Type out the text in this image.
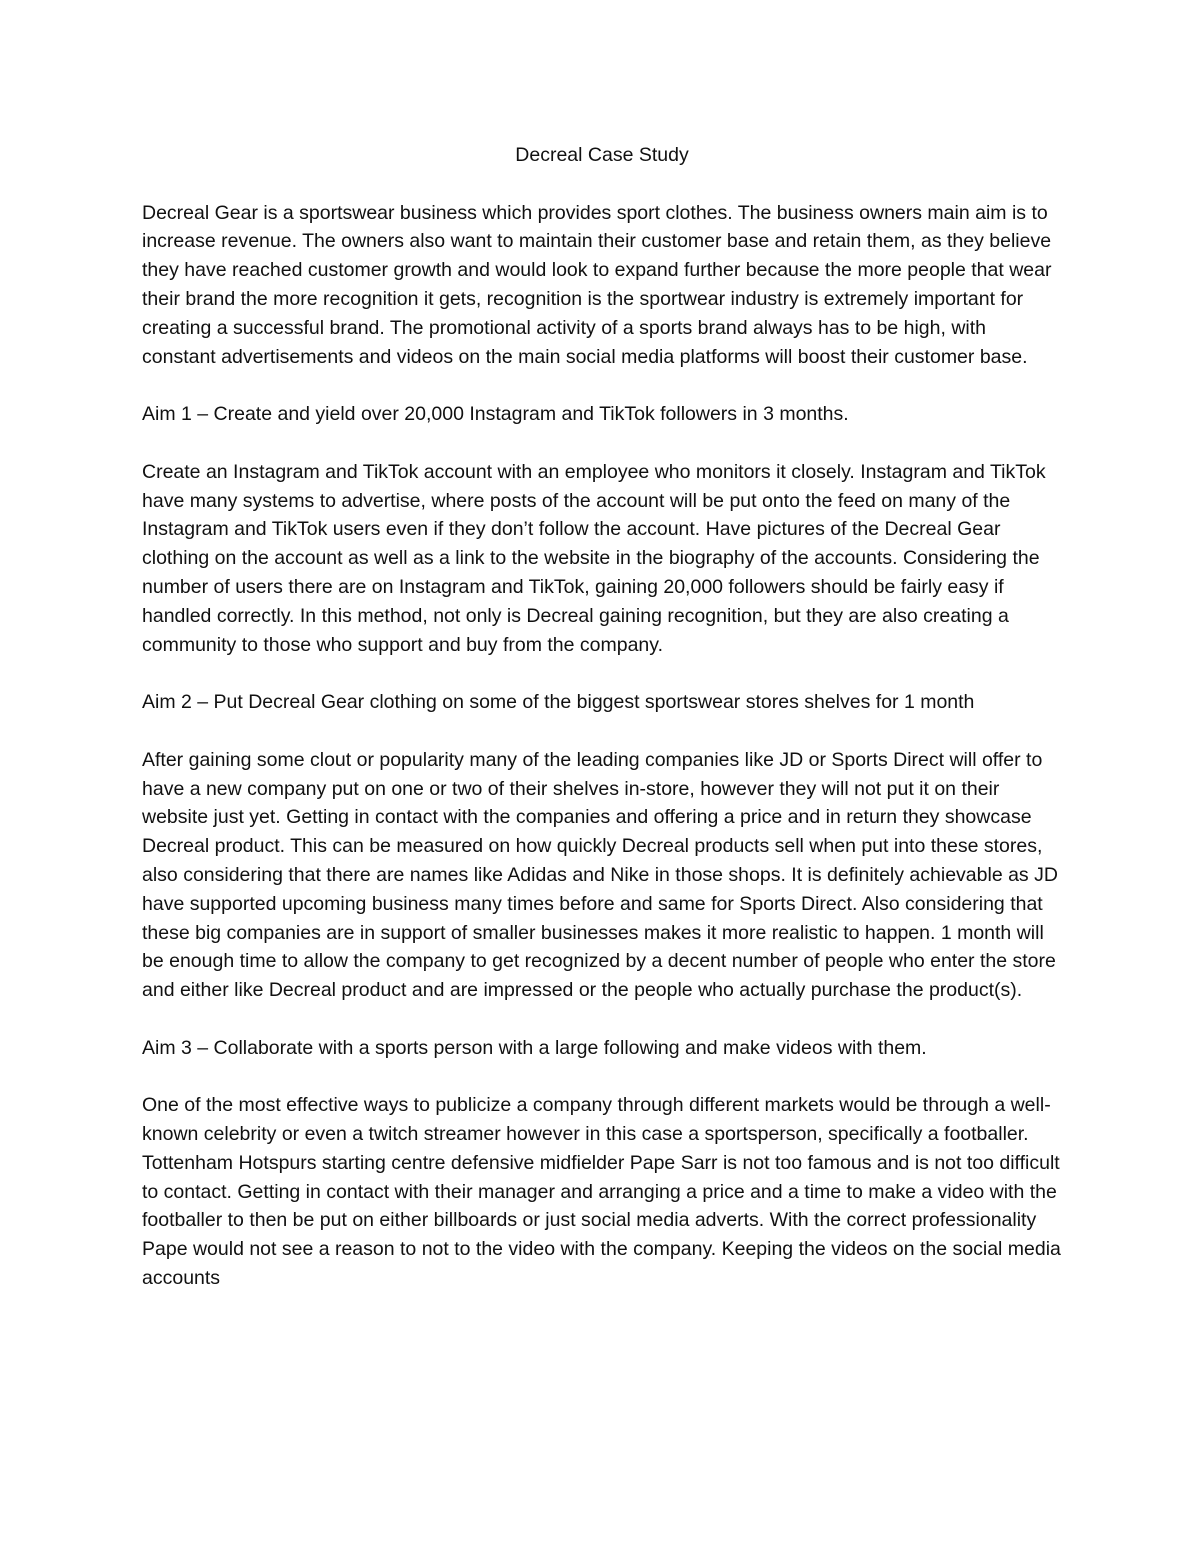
Decreal Case Study

Decreal Gear is a sportswear business which provides sport clothes. The business owners main aim is to increase revenue. The owners also want to maintain their customer base and retain them, as they believe they have reached customer growth and would look to expand further because the more people that wear their brand the more recognition it gets, recognition is the sportwear industry is extremely important for creating a successful brand. The promotional activity of a sports brand always has to be high, with constant advertisements and videos on the main social media platforms will boost their customer base.

Aim 1 – Create and yield over 20,000 Instagram and TikTok followers in 3 months.

Create an Instagram and TikTok account with an employee who monitors it closely. Instagram and TikTok have many systems to advertise, where posts of the account will be put onto the feed on many of the Instagram and TikTok users even if they don’t follow the account. Have pictures of the Decreal Gear clothing on the account as well as a link to the website in the biography of the accounts. Considering the number of users there are on Instagram and TikTok, gaining 20,000 followers should be fairly easy if handled correctly. In this method, not only is Decreal gaining recognition, but they are also creating a community to those who support and buy from the company.

Aim 2 – Put Decreal Gear clothing on some of the biggest sportswear stores shelves for 1 month

After gaining some clout or popularity many of the leading companies like JD or Sports Direct will offer to have a new company put on one or two of their shelves in-store, however they will not put it on their website just yet. Getting in contact with the companies and offering a price and in return they showcase Decreal product. This can be measured on how quickly Decreal products sell when put into these stores, also considering that there are names like Adidas and Nike in those shops. It is definitely achievable as JD have supported upcoming business many times before and same for Sports Direct. Also considering that these big companies are in support of smaller businesses makes it more realistic to happen. 1 month will be enough time to allow the company to get recognized by a decent number of people who enter the store and either like Decreal product and are impressed or the people who actually purchase the product(s).

Aim 3 – Collaborate with a sports person with a large following and make videos with them.

One of the most effective ways to publicize a company through different markets would be through a well-known celebrity or even a twitch streamer however in this case a sportsperson, specifically a footballer. Tottenham Hotspurs starting centre defensive midfielder Pape Sarr is not too famous and is not too difficult to contact. Getting in contact with their manager and arranging a price and a time to make a video with the footballer to then be put on either billboards or just social media adverts. With the correct professionality Pape would not see a reason to not to the video with the company. Keeping the videos on the social media accounts
